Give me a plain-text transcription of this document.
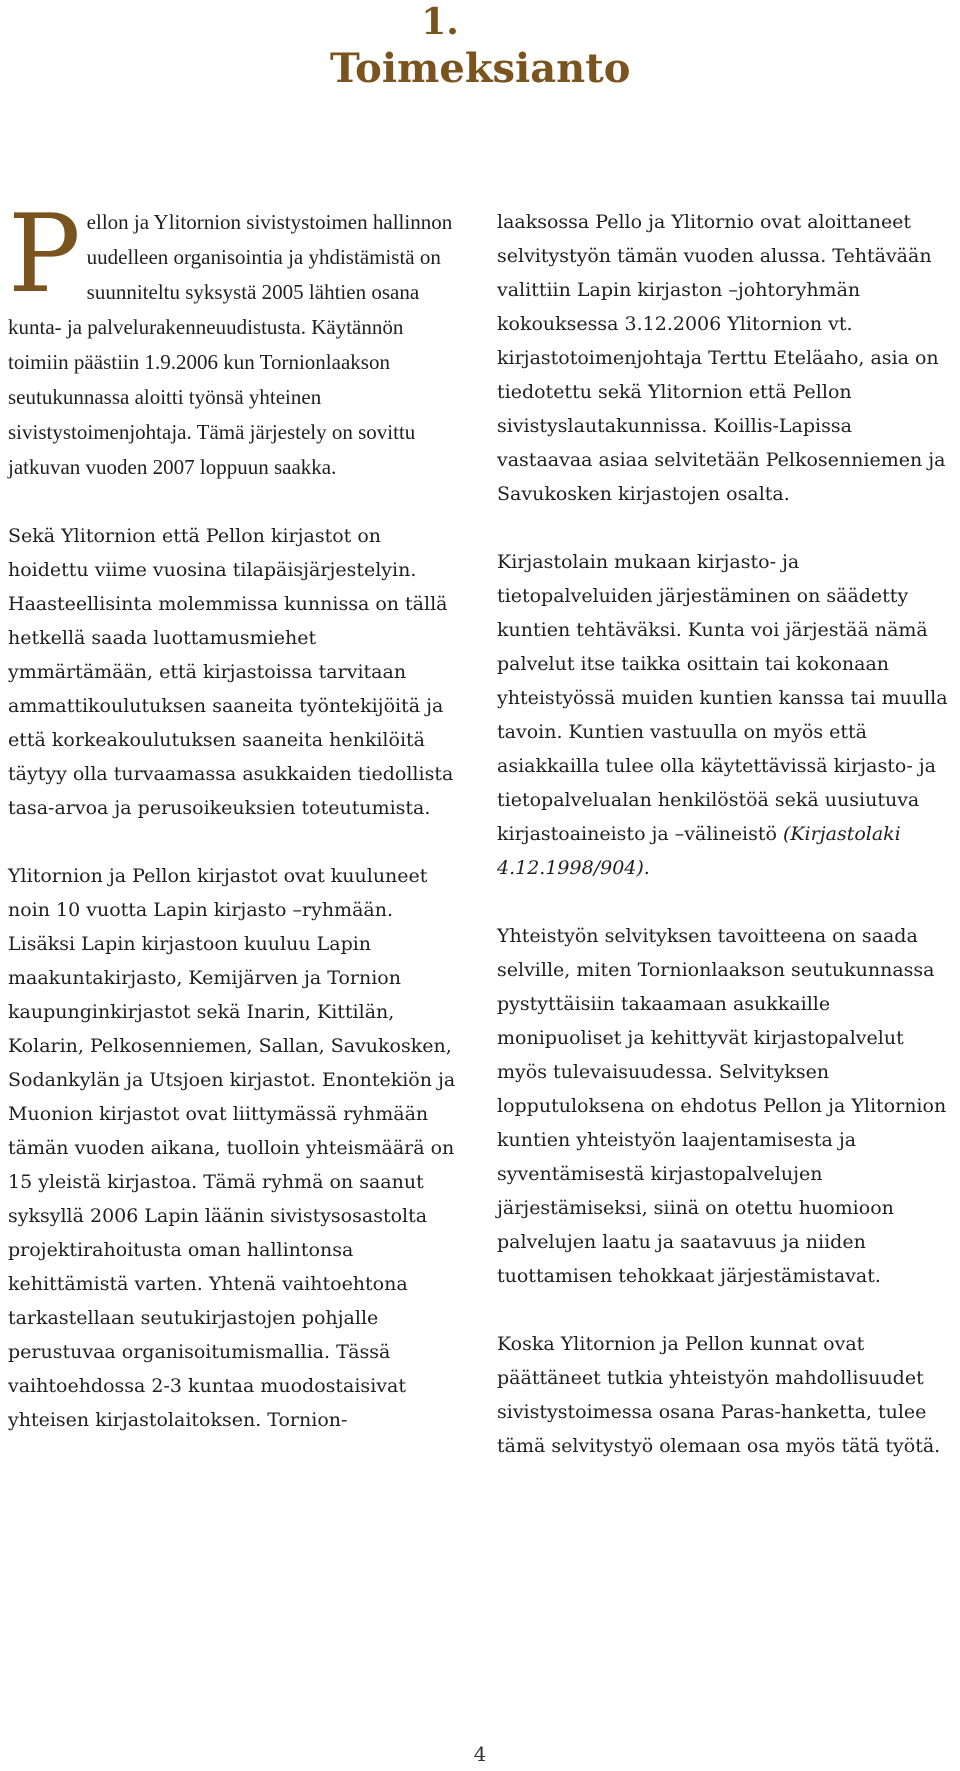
1.
Toimeksianto

Pellon ja Ylitornion sivistystoimen hallinnon uudelleen organisointia ja yhdistämistä on suunniteltu syksystä 2005 lähtien osana kunta- ja palvelurakenneuudistusta. Käytännön toimiin päästiin 1.9.2006 kun Tornionlaakson seutukunnassa aloitti työnsä yhteinen sivistystoimenjohtaja. Tämä järjestely on sovittu jatkuvan vuoden 2007 loppuun saakka.

Sekä Ylitornion että Pellon kirjastot on hoidettu viime vuosina tilapäisjärjestelyin. Haasteellisinta molemmissa kunnissa on tällä hetkellä saada luottamusmiehet ymmärtämään, että kirjastoissa tarvitaan ammattikoulutuksen saaneita työntekijöitä ja että korkeakoulutuksen saaneita henkilöitä täytyy olla turvaamassa asukkaiden tiedollista tasa-arvoa ja perusoikeuksien toteutumista.

Ylitornion ja Pellon kirjastot ovat kuuluneet noin 10 vuotta Lapin kirjasto –ryhmään. Lisäksi Lapin kirjastoon kuuluu Lapin maakuntakirjasto, Kemijärven ja Tornion kaupunginkirjastot sekä Inarin, Kittilän, Kolarin, Pelkosenniemen, Sallan, Savukosken, Sodankylän ja Utsjoen kirjastot. Enontekiön ja Muonion kirjastot ovat liittymässä ryhmään tämän vuoden aikana, tuolloin yhteismäärä on 15 yleistä kirjastoa. Tämä ryhmä on saanut syksyllä 2006 Lapin läänin sivistysosastolta projektirahoitusta oman hallintonsa kehittämistä varten. Yhtenä vaihtoehtona tarkastellaan seutukirjastojen pohjalle perustuvaa organisoitumismallia. Tässä vaihtoehdossa 2-3 kuntaa muodostaisivat yhteisen kirjastolaitoksen. Tornion-

laaksossa Pello ja Ylitornio ovat aloittaneet selvitystyön tämän vuoden alussa. Tehtävään valittiin Lapin kirjaston –johtoryhmän kokouksessa 3.12.2006 Ylitornion vt. kirjastotoimenjohtaja Terttu Eteläaho, asia on tiedotettu sekä Ylitornion että Pellon sivistyslautakunnissa. Koillis-Lapissa vastaavaa asiaa selvitetään Pelkosenniemen ja Savukosken kirjastojen osalta.

Kirjastolain mukaan kirjasto- ja tietopalveluiden järjestäminen on säädetty kuntien tehtäväksi. Kunta voi järjestää nämä palvelut itse taikka osittain tai kokonaan yhteistyössä muiden kuntien kanssa tai muulla tavoin. Kuntien vastuulla on myös että asiakkailla tulee olla käytettävissä kirjasto- ja tietopalvelualan henkilöstöä sekä uusiutuva kirjastoaineisto ja –välineistö (Kirjastolaki 4.12.1998/904).

Yhteistyön selvityksen tavoitteena on saada selville, miten Tornionlaakson seutukunnassa pystyttäisiin takaamaan asukkaille monipuoliset ja kehittyvät kirjastopalvelut myös tulevaisuudessa. Selvityksen lopputuloksena on ehdotus Pellon ja Ylitornion kuntien yhteistyön laajentamisesta ja syventämisestä kirjastopalvelujen järjestämiseksi, siinä on otettu huomioon palvelujen laatu ja saatavuus ja niiden tuottamisen tehokkaat järjestämistavat.

Koska Ylitornion ja Pellon kunnat ovat päättäneet tutkia yhteistyön mahdollisuudet sivistystoimessa osana Paras-hanketta, tulee tämä selvitystyö olemaan osa myös tätä työtä.

4
